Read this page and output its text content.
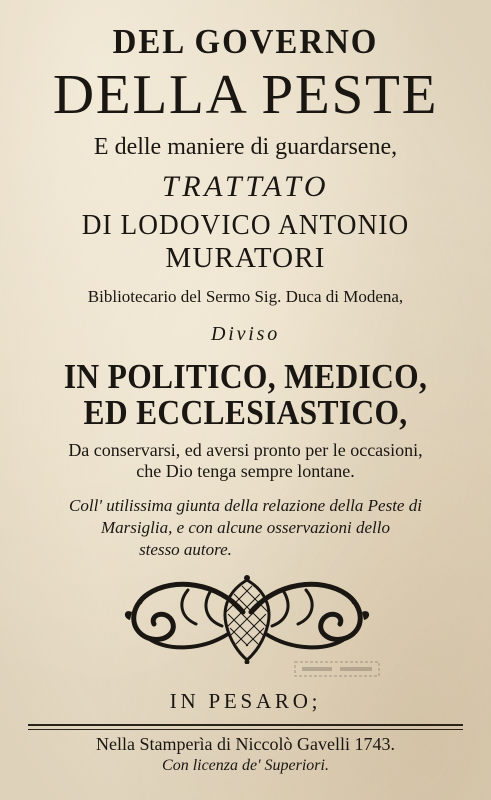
DEL GOVERNO
DELLA PESTE
E delle maniere di guardarsene,
TRATTATO
DI LODOVICO ANTONIO
MURATORI
Bibliotecario del Sermo Sig. Duca di Modena,
Diviso
IN POLITICO, MEDICO,
ED ECCLESIASTICO,
Da conservarsi, ed aversi pronto per le occasioni,
che Dio tenga sempre lontane.
Coll' utilissima giunta della relazione della Peste di
Marsiglia, e con alcune osservazioni dello
stesso autore.
IN PESARO;
Nella Stamperìa di Niccolò Gavelli 1743.
Con licenza de' Superiori.
